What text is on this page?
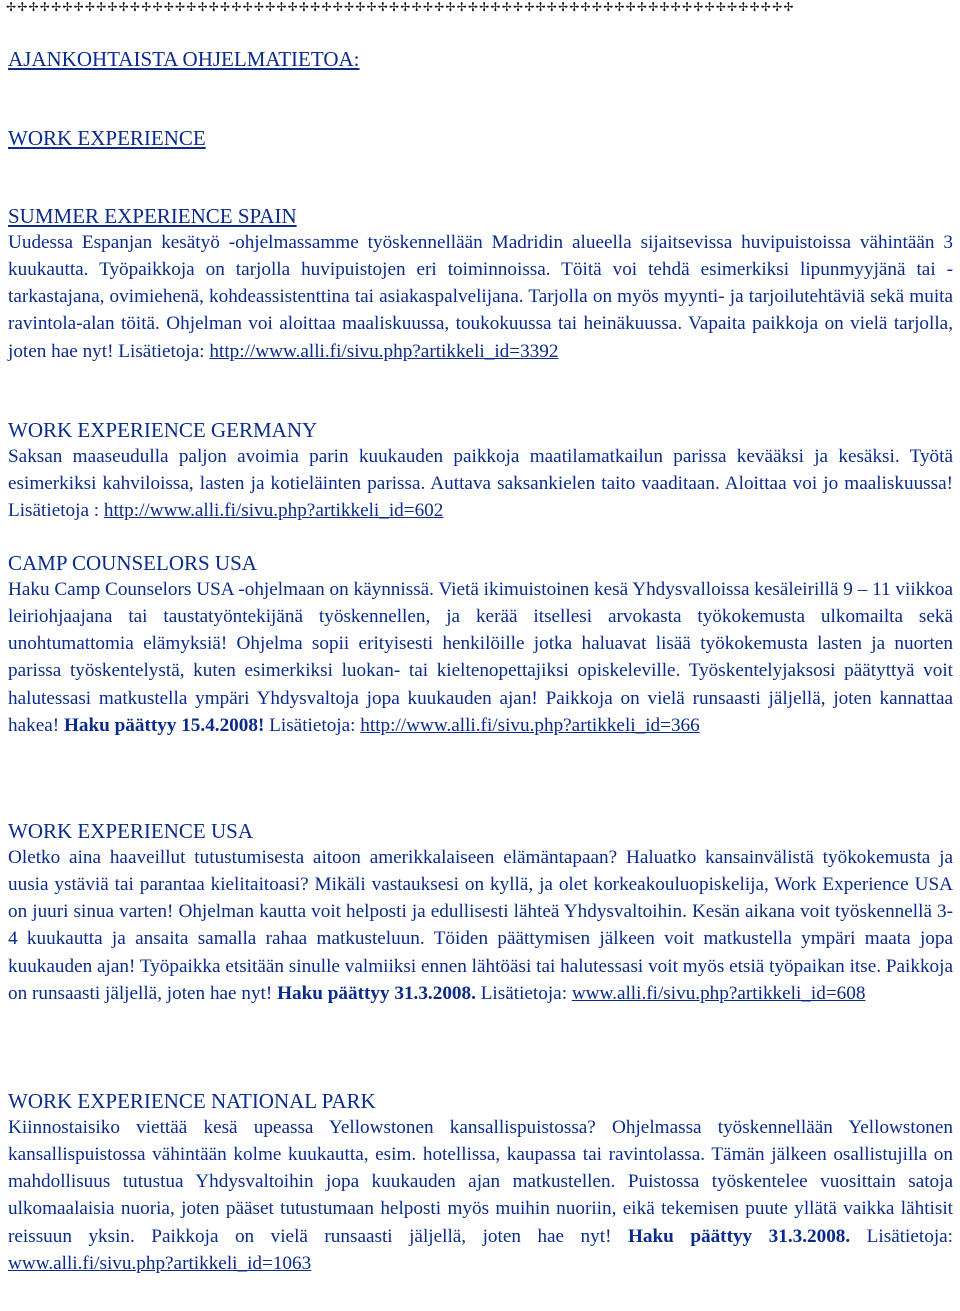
✢✢✢✢✢✢✢✢✢✢✢✢✢✢✢✢✢✢✢✢✢✢✢✢✢✢✢✢✢✢✢✢✢✢✢✢✢✢✢✢✢✢✢✢✢✢✢✢✢✢✢✢✢✢✢✢✢✢✢✢✢✢✢✢✢✢✢✢✢✢
AJANKOHTAISTA OHJELMATIETOA:
WORK EXPERIENCE
SUMMER EXPERIENCE SPAIN

Uudessa Espanjan kesätyö -ohjelmassamme työskennellään Madridin alueella sijaitsevissa huvipuistoissa vähintään 3 kuukautta. Työpaikkoja on tarjolla huvipuistojen eri toiminnoissa. Töitä voi tehdä esimerkiksi lipunmyyjänä tai -tarkastajana, ovimiehenä, kohdeassistenttina tai asiakaspalvelijana. Tarjolla on myös myynti- ja tarjoilutehtäviä sekä muita ravintola-alan töitä. Ohjelman voi aloittaa maaliskuussa, toukokuussa tai heinäkuussa. Vapaita paikkoja on vielä tarjolla, joten hae nyt! Lisätietoja: http://www.alli.fi/sivu.php?artikkeli_id=3392

WORK EXPERIENCE GERMANY

Saksan maaseudulla paljon avoimia parin kuukauden paikkoja maatilamatkailun parissa kevääksi ja kesäksi. Työtä esimerkiksi kahviloissa, lasten ja kotieläinten parissa. Auttava saksankielen taito vaaditaan. Aloittaa voi jo maaliskuussa! Lisätietoja : http://www.alli.fi/sivu.php?artikkeli_id=602

CAMP COUNSELORS USA

Haku Camp Counselors USA -ohjelmaan on käynnissä. Vietä ikimuistoinen kesä Yhdysvalloissa kesäleirillä 9 – 11 viikkoa leiriohjaajana tai taustatyöntekijänä työskennellen, ja kerää itsellesi arvokasta työkokemusta ulkomailta sekä unohtumattomia elämyksiä! Ohjelma sopii erityisesti henkilöille jotka haluavat lisää työkokemusta lasten ja nuorten parissa työskentelystä, kuten esimerkiksi luokan- tai kieltenopettajiksi opiskeleville. Työskentelyjaksosi päätyttyä voit halutessasi matkustella ympäri Yhdysvaltoja jopa kuukauden ajan! Paikkoja on vielä runsaasti jäljellä, joten kannattaa hakea! Haku päättyy 15.4.2008! Lisätietoja: http://www.alli.fi/sivu.php?artikkeli_id=366

WORK EXPERIENCE USA

Oletko aina haaveillut tutustumisesta aitoon amerikkalaiseen elämäntapaan? Haluatko kansainvälistä työkokemusta ja uusia ystäviä tai parantaa kielitaitoasi? Mikäli vastauksesi on kyllä, ja olet korkeakouluopiskelija, Work Experience USA on juuri sinua varten! Ohjelman kautta voit helposti ja edullisesti lähteä Yhdysvaltoihin. Kesän aikana voit työskennellä 3- 4 kuukautta ja ansaita samalla rahaa matkusteluun. Töiden päättymisen jälkeen voit matkustella ympäri maata jopa kuukauden ajan! Työpaikka etsitään sinulle valmiiksi ennen lähtöäsi tai halutessasi voit myös etsiä työpaikan itse. Paikkoja on runsaasti jäljellä, joten hae nyt! Haku päättyy 31.3.2008. Lisätietoja: www.alli.fi/sivu.php?artikkeli_id=608

WORK EXPERIENCE NATIONAL PARK

Kiinnostaisiko viettää kesä upeassa Yellowstonen kansallispuistossa? Ohjelmassa työskennellään Yellowstonen kansallispuistossa vähintään kolme kuukautta, esim. hotellissa, kaupassa tai ravintolassa. Tämän jälkeen osallistujilla on mahdollisuus tutustua Yhdysvaltoihin jopa kuukauden ajan matkustellen. Puistossa työskentelee vuosittain satoja ulkomaalaisia nuoria, joten pääset tutustumaan helposti myös muihin nuoriin, eikä tekemisen puute yllätä vaikka lähtisit reissuun yksin. Paikkoja on vielä runsaasti jäljellä, joten hae nyt! Haku päättyy 31.3.2008. Lisätietoja: www.alli.fi/sivu.php?artikkeli_id=1063
